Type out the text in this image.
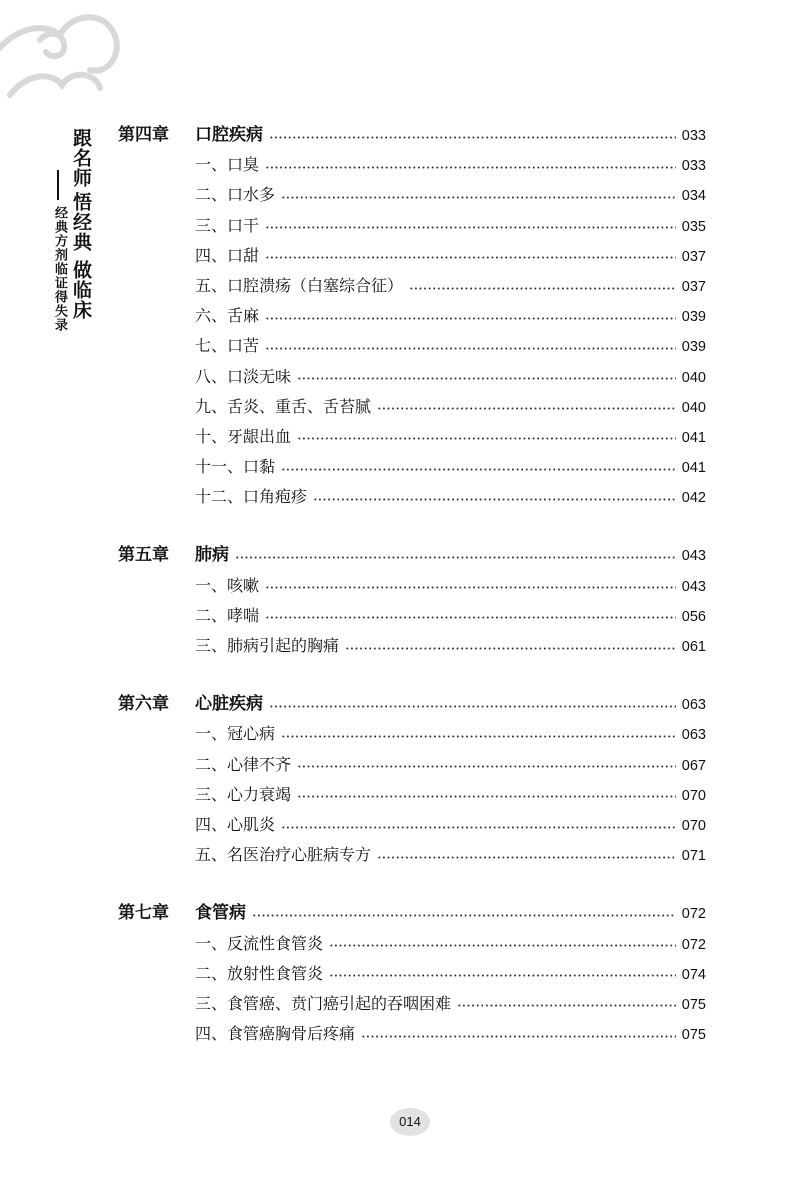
跟名师
经典方剂临证得失录 悟经典 做临床
第四章	口腔疾病	033
一、口臭	033
二、口水多	034
三、口干	035
四、口甜	037
五、口腔溃疡（白塞综合征）	037
六、舌麻	039
七、口苦	039
八、口淡无味	040
九、舌炎、重舌、舌苔腻	040
十、牙龈出血	041
十一、口黏	041
十二、口角疱疹	042
第五章	肺病	043
一、咳嗽	043
二、哮喘	056
三、肺病引起的胸痛	061
第六章	心脏疾病	063
一、冠心病	063
二、心律不齐	067
三、心力衰竭	070
四、心肌炎	070
五、名医治疗心脏病专方	071
第七章	食管病	072
一、反流性食管炎	072
二、放射性食管炎	074
三、食管癌、贲门癌引起的吞咽困难	075
四、食管癌胸骨后疼痛	075
014
